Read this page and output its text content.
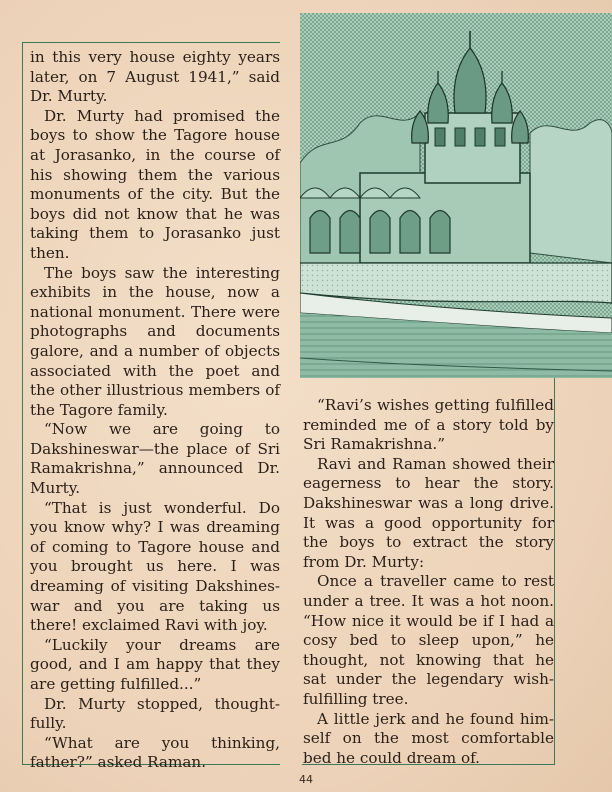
in this very house eighty years later, on 7 August 1941,” said Dr. Murty.

Dr. Murty had promised the boys to show the Tagore house at Jorasanko, in the course of his showing them the various monuments of the city. But the boys did not know that he was taking them to Jorasanko just then.

The boys saw the interesting exhibits in the house, now a national monument. There were photographs and documents galore, and a number of objects associated with the poet and the other illustrious members of the Tagore family.

“Now we are going to Dakshineswar—the place of Sri Ramakrishna,” announced Dr. Murty.

“That is just wonderful. Do you know why? I was dreaming of coming to Tagore house and you brought us here. I was dreaming of visiting Dakshines-war and you are taking us there! exclaimed Ravi with joy.

“Luckily your dreams are good, and I am happy that they are getting fulfilled...”

Dr. Murty stopped, thought-fully.

“What are you thinking, father?” asked Raman.

“Ravi’s wishes getting fulfilled reminded me of a story told by Sri Ramakrishna.”

Ravi and Raman showed their eagerness to hear the story. Dakshineswar was a long drive. It was a good opportunity for the boys to extract the story from Dr. Murty:

Once a traveller came to rest under a tree. It was a hot noon. “How nice it would be if I had a cosy bed to sleep upon,” he thought, not knowing that he sat under the legendary wish-fulfilling tree.

A little jerk and he found him-self on the most comfortable bed he could dream of.

44
